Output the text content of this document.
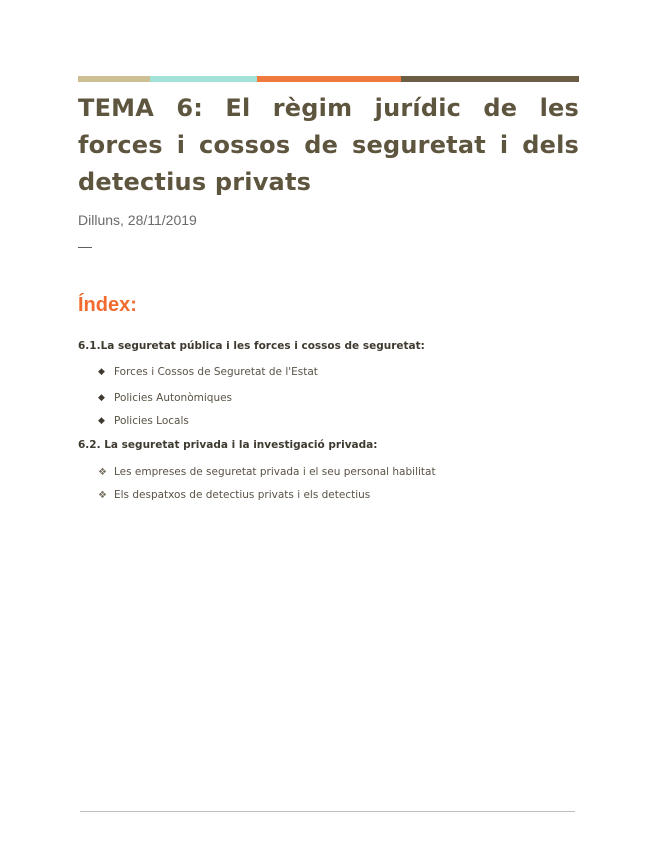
TEMA 6: El règim jurídic de les forces i cossos de seguretat i dels detectius privats
Dilluns, 28/11/2019
—
Índex:
6.1.La seguretat pública i les forces i cossos de seguretat:
◆ Forces i Cossos de Seguretat de l'Estat
◆ Policies Autonòmiques
◆ Policies Locals
6.2. La seguretat privada i la investigació privada:
❖ Les empreses de seguretat privada i el seu personal habilitat
❖ Els despatxos de detectius privats i els detectius
